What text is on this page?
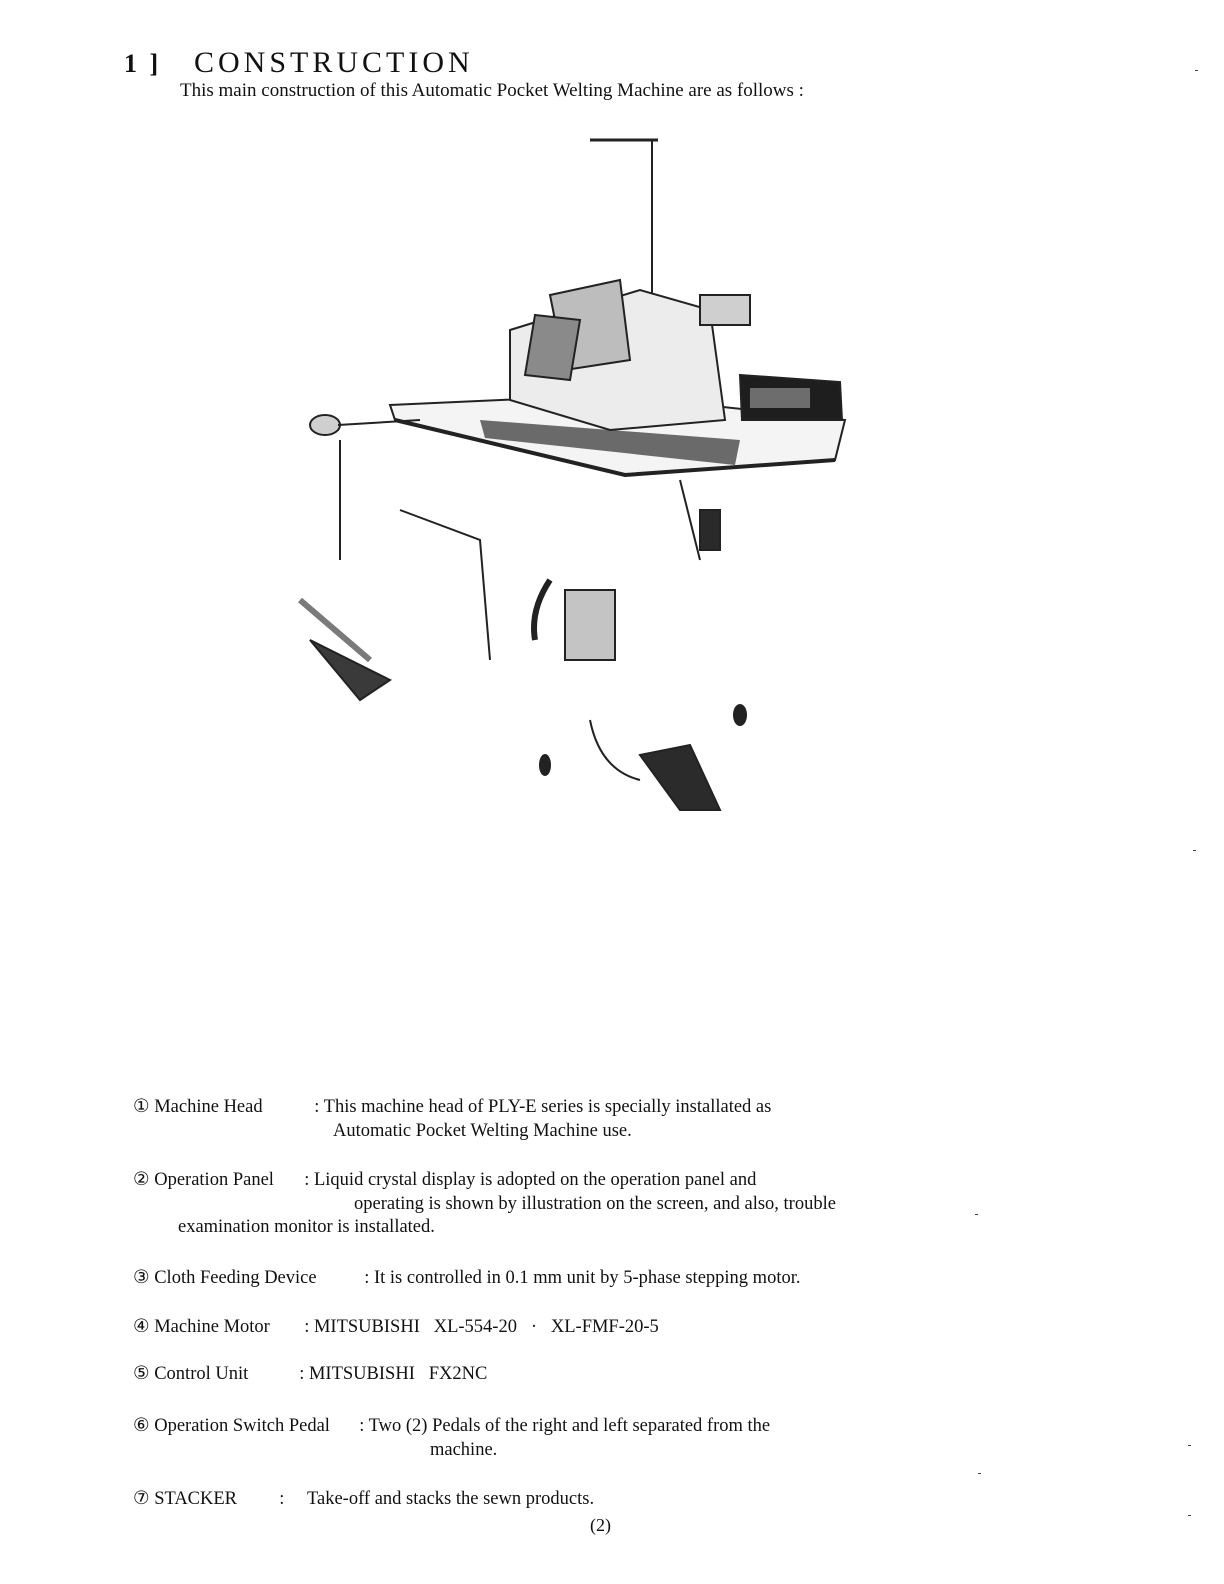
1 ] CONSTRUCTION
This main construction of this Automatic Pocket Welting Machine are as follows :
① Machine Head	: This machine head of PLY-E series is specially installated as
Automatic Pocket Welting Machine use.
② Operation Panel : Liquid crystal display is adopted on the operation panel and
operating is shown by illustration on the screen, and also, trouble
examination monitor is installated.
③ Cloth Feeding Device	: It is controlled in 0.1 mm unit by 5-phase stepping motor.
④ Machine Motor : MITSUBISHI   XL-554-20   ·   XL-FMF-20-5
⑤ Control Unit	: MITSUBISHI   FX2NC
⑥ Operation Switch Pedal : Two (2) Pedals of the right and left separated from the
machine.
⑦ STACKER : Take-off and stacks the sewn products.
(2)
